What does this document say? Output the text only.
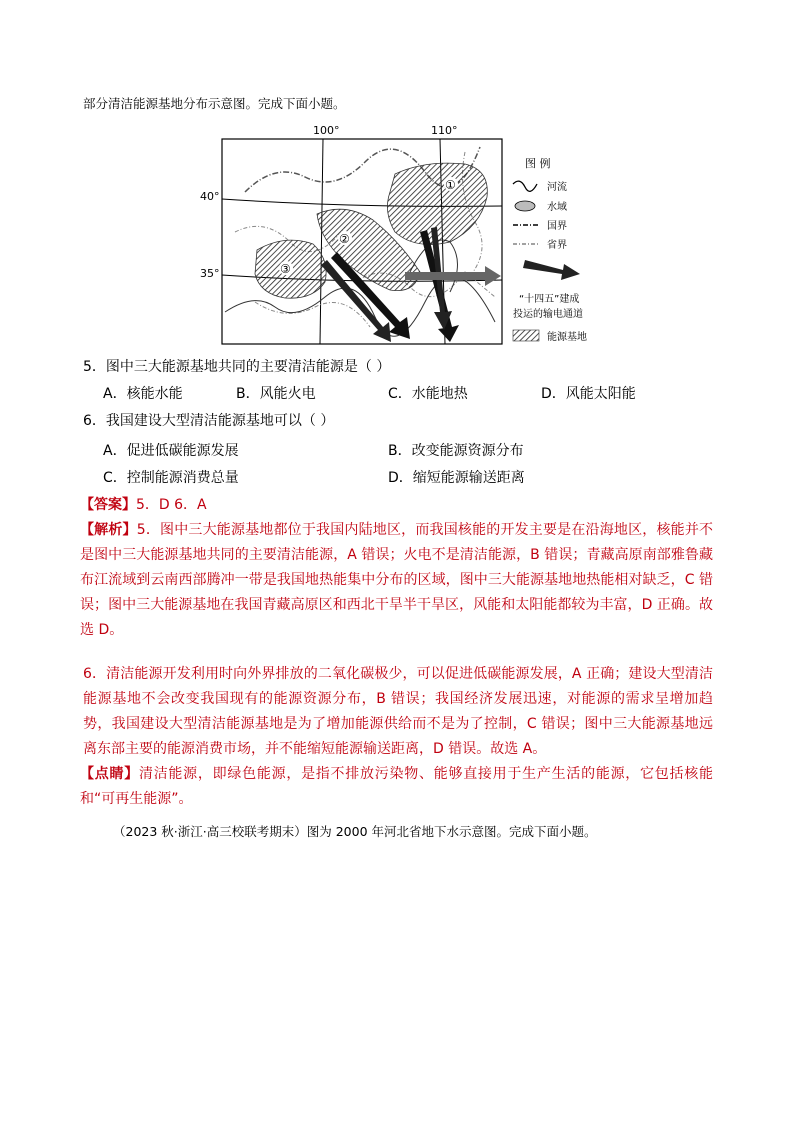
部分清洁能源基地分布示意图。完成下面小题。
100°	110°
40°
35°
①
②
③
图 例
河流
水域
国界
省界
“十四五”建成
投运的输电通道
能源基地
5．图中三大能源基地共同的主要清洁能源是（ ）
A．核能水能	B．风能火电	C．水能地热	D．风能太阳能
6．我国建设大型清洁能源基地可以（ ）
A．促进低碳能源发展	B．改变能源资源分布
C．控制能源消费总量	D．缩短能源输送距离
【答案】5．D 6．A
【解析】5．图中三大能源基地都位于我国内陆地区，而我国核能的开发主要是在沿海地区，核能并不是图中三大能源基地共同的主要清洁能源，A 错误；火电不是清洁能源，B 错误；青藏高原南部雅鲁藏布江流域到云南西部腾冲一带是我国地热能集中分布的区域，图中三大能源基地地热能相对缺乏，C 错误；图中三大能源基地在我国青藏高原区和西北干旱半干旱区，风能和太阳能都较为丰富，D 正确。故选 D。
6．清洁能源开发利用时向外界排放的二氧化碳极少，可以促进低碳能源发展，A 正确；建设大型清洁能源基地不会改变我国现有的能源资源分布，B 错误；我国经济发展迅速，对能源的需求呈增加趋势，我国建设大型清洁能源基地是为了增加能源供给而不是为了控制，C 错误；图中三大能源基地远离东部主要的能源消费市场，并不能缩短能源输送距离，D 错误。故选 A。
【点睛】清洁能源，即绿色能源，是指不排放污染物、能够直接用于生产生活的能源，它包括核能和“可再生能源”。
（2023 秋·浙江·高三校联考期末）图为 2000 年河北省地下水示意图。完成下面小题。
